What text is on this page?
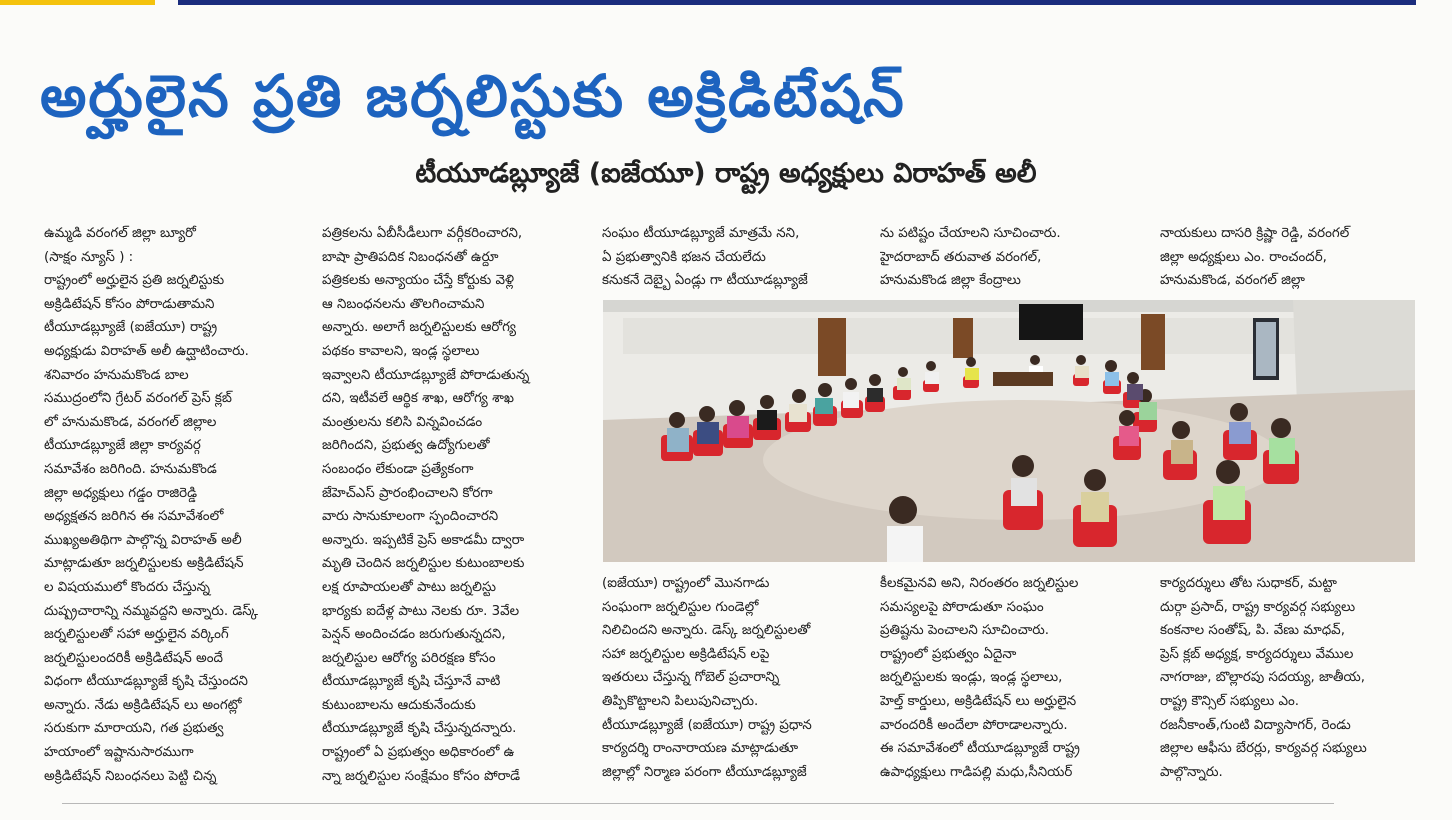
అర్హులైన ప్రతి జర్నలిస్టుకు అక్రిడిటేషన్
టీయూడబ్ల్యూజే (ఐజేయూ) రాష్ట్ర అధ్యక్షులు విరాహత్ అలీ
ఉమ్మడి వరంగల్ జిల్లా బ్యూరో
(సాక్షం న్యూస్ ) :
రాష్ట్రంలో అర్హులైన ప్రతి జర్నలిస్టుకు
అక్రిడిటేషన్ కోసం పోరాడుతామని
టీయూడబ్ల్యూజే (ఐజేయూ) రాష్ట్ర
అధ్యక్షుడు విరాహత్ అలీ ఉద్ఘాటించారు.
శనివారం హనుమకొండ బాల
సముద్రంలోని గ్రేటర్ వరంగల్ ప్రెస్ క్లబ్
లో హనుమకొండ, వరంగల్ జిల్లాల
టీయూడబ్ల్యూజే జిల్లా కార్యవర్గ
సమావేశం జరిగింది. హనుమకొండ
జిల్లా అధ్యక్షులు గడ్డం రాజిరెడ్డి
అధ్యక్షతన జరిగిన ఈ సమావేశంలో
ముఖ్యఅతిథిగా పాల్గొన్న విరాహత్ అలీ
మాట్లాడుతూ జర్నలిస్టులకు అక్రిడిటేషన్
ల విషయములో కొందరు చేస్తున్న
దుష్ప్రచారాన్ని నమ్మవద్దని అన్నారు. డెస్క్
జర్నలిస్టులతో సహా అర్హులైన వర్కింగ్
జర్నలిస్టులందరికీ అక్రిడిటేషన్ అందే
విధంగా టీయూడబ్ల్యూజే కృషి చేస్తుందని
అన్నారు. నేడు అక్రిడిటేషన్ లు అంగట్లో
సరుకుగా మారాయని, గత ప్రభుత్వ
హయాంలో ఇష్టానుసారముగా
అక్రిడిటేషన్ నిబంధనలు పెట్టి చిన్న
పత్రికలను ఏబీసీడీలుగా వర్గీకరించారని,
బాషా ప్రాతిపదిక నిబంధనతో ఉర్దూ
పత్రికలకు అన్యాయం చేస్తే కోర్టుకు వెళ్లి
ఆ నిబంధనలను తొలగించామని
అన్నారు. అలాగే జర్నలిస్టులకు ఆరోగ్య
పథకం కావాలని, ఇండ్ల స్థలాలు
ఇవ్వాలని టీయూడబ్ల్యూజే పోరాడుతున్న
దని, ఇటీవలే ఆర్థిక శాఖ, ఆరోగ్య శాఖ
మంత్రులను కలిసి విన్నవించడం
జరిగిందని, ప్రభుత్వ ఉద్యోగులతో
సంబంధం లేకుండా ప్రత్యేకంగా
జేహెచ్ఎస్ ప్రారంభించాలని కోరగా
వారు సానుకూలంగా స్పందించారని
అన్నారు. ఇప్పటికే ప్రెస్ అకాడమీ ద్వారా
మృతి చెందిన జర్నలిస్టుల కుటుంబాలకు
లక్ష రూపాయలతో పాటు జర్నలిస్టు
భార్యకు ఐదేళ్ల పాటు నెలకు రూ. 3వేల
పెన్షన్ అందించడం జరుగుతున్నదని,
జర్నలిస్టుల ఆరోగ్య పరిరక్షణ కోసం
టీయూడబ్ల్యూజే కృషి చేస్తూనే వాటి
కుటుంబాలను ఆదుకునేందుకు
టీయూడబ్ల్యూజే కృషి చేస్తున్నదన్నారు.
రాష్ట్రంలో ఏ ప్రభుత్వం అధికారంలో ఉ
న్నా జర్నలిస్టుల సంక్షేమం కోసం పోరాడే
సంఘం టీయూడబ్ల్యూజే మాత్రమే నని,
ఏ ప్రభుత్వానికి భజన చేయలేదు
కనుకనే దెబ్బై ఏండ్లు గా టీయూడబ్ల్యూజే
ను పటిష్టం చేయాలని సూచించారు.
హైదరాబాద్ తరువాత వరంగల్,
హనుమకొండ జిల్లా కేంద్రాలు
నాయకులు దాసరి క్రిష్ణా రెడ్డి, వరంగల్
జిల్లా అధ్యక్షులు ఎం. రాంచందర్,
హనుమకొండ, వరంగల్ జిల్లా
(ఐజేయూ) రాష్ట్రంలో మొనగాడు
సంఘంగా జర్నలిస్టుల గుండెల్లో
నిలిచిందని అన్నారు. డెస్క్ జర్నలిస్టులతో
సహా జర్నలిస్టుల అక్రిడిటేషన్ లపై
ఇతరులు చేస్తున్న గోబెల్ ప్రచారాన్ని
తిప్పికొట్టాలని పిలుపునిచ్చారు.
టీయూడబ్ల్యూజే (ఐజేయూ) రాష్ట్ర ప్రధాన
కార్యదర్శి రాంనారాయణ మాట్లాడుతూ
జిల్లాల్లో నిర్మాణ పరంగా టీయూడబ్ల్యూజే
కీలకమైనవి అని, నిరంతరం జర్నలిస్టుల
సమస్యలపై పోరాడుతూ సంఘం
ప్రతిష్టను పెంచాలని సూచించారు.
రాష్ట్రంలో ప్రభుత్వం ఏదైనా
జర్నలిస్టులకు ఇండ్లు, ఇండ్ల స్థలాలు,
హెల్త్ కార్డులు, అక్రిడిటేషన్ లు అర్హులైన
వారందరికీ అందేలా పోరాడాలన్నారు.
ఈ సమావేశంలో టీయూడబ్ల్యూజే రాష్ట్ర
ఉపాధ్యక్షులు గాడిపల్లి మధు,సీనియర్
కార్యదర్శులు తోట సుధాకర్, మట్టా
దుర్గా ప్రసాద్, రాష్ట్ర కార్యవర్గ సభ్యులు
కంకనాల సంతోష్, పి. వేణు మాధవ్,
ప్రెస్ క్లబ్ అధ్యక్ష, కార్యదర్శులు వేముల
నాగరాజు, బొల్లారపు సదయ్య, జాతీయ,
రాష్ట్ర కౌన్సిల్ సభ్యులు ఎం.
రజనీకాంత్,గుంటి విద్యాసాగర్, రెండు
జిల్లాల ఆఫీసు బేరర్లు, కార్యవర్గ సభ్యులు
పాల్గొన్నారు.
